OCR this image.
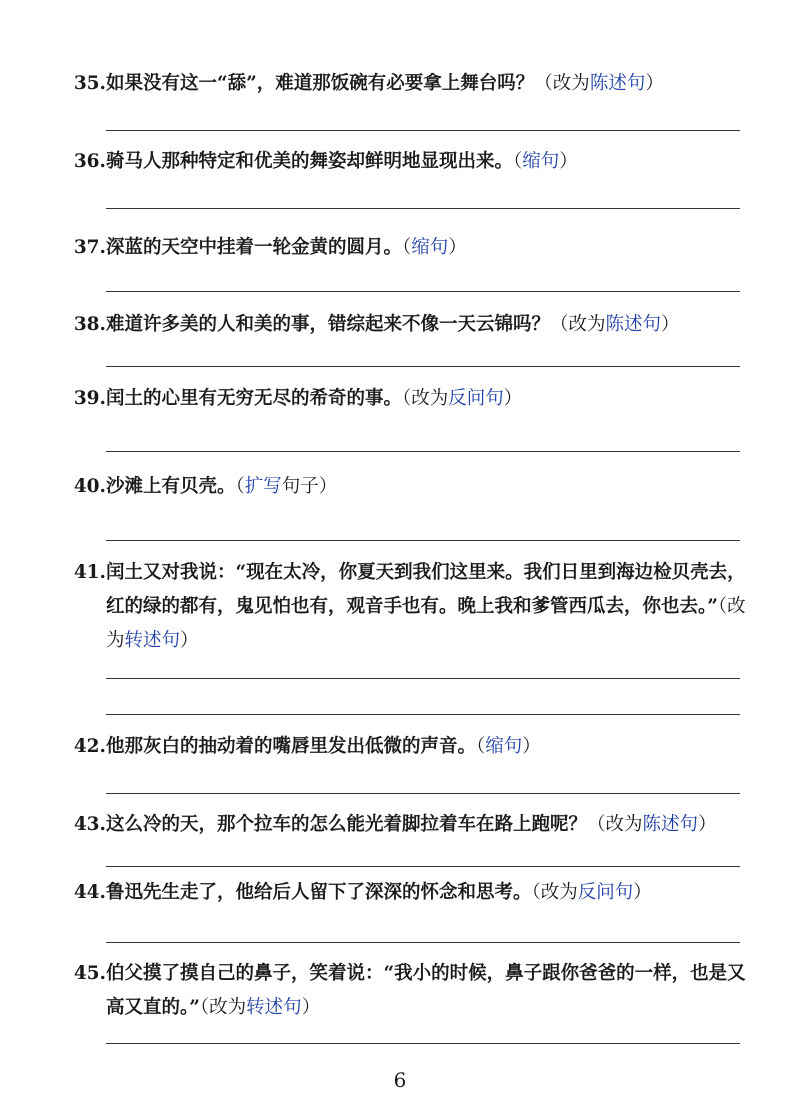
35. 如果没有这一“舔”，难道那饭碗有必要拿上舞台吗？（改为陈述句）
36. 骑马人那种特定和优美的舞姿却鲜明地显现出来。（缩句）
37. 深蓝的天空中挂着一轮金黄的圆月。（缩句）
38. 难道许多美的人和美的事，错综起来不像一天云锦吗？（改为陈述句）
39. 闰土的心里有无穷无尽的希奇的事。（改为反问句）
40. 沙滩上有贝壳。（扩写句子）
41. 闰土又对我说：“现在太冷，你夏天到我们这里来。我们日里到海边检贝壳去，红的绿的都有，鬼见怕也有，观音手也有。晚上我和爹管西瓜去，你也去。”（改为转述句）
42. 他那灰白的抽动着的嘴唇里发出低微的声音。（缩句）
43. 这么冷的天，那个拉车的怎么能光着脚拉着车在路上跑呢？（改为陈述句）
44. 鲁迅先生走了，他给后人留下了深深的怀念和思考。（改为反问句）
45. 伯父摸了摸自己的鼻子，笑着说：“我小的时候，鼻子跟你爸爸的一样，也是又高又直的。”（改为转述句）
6
